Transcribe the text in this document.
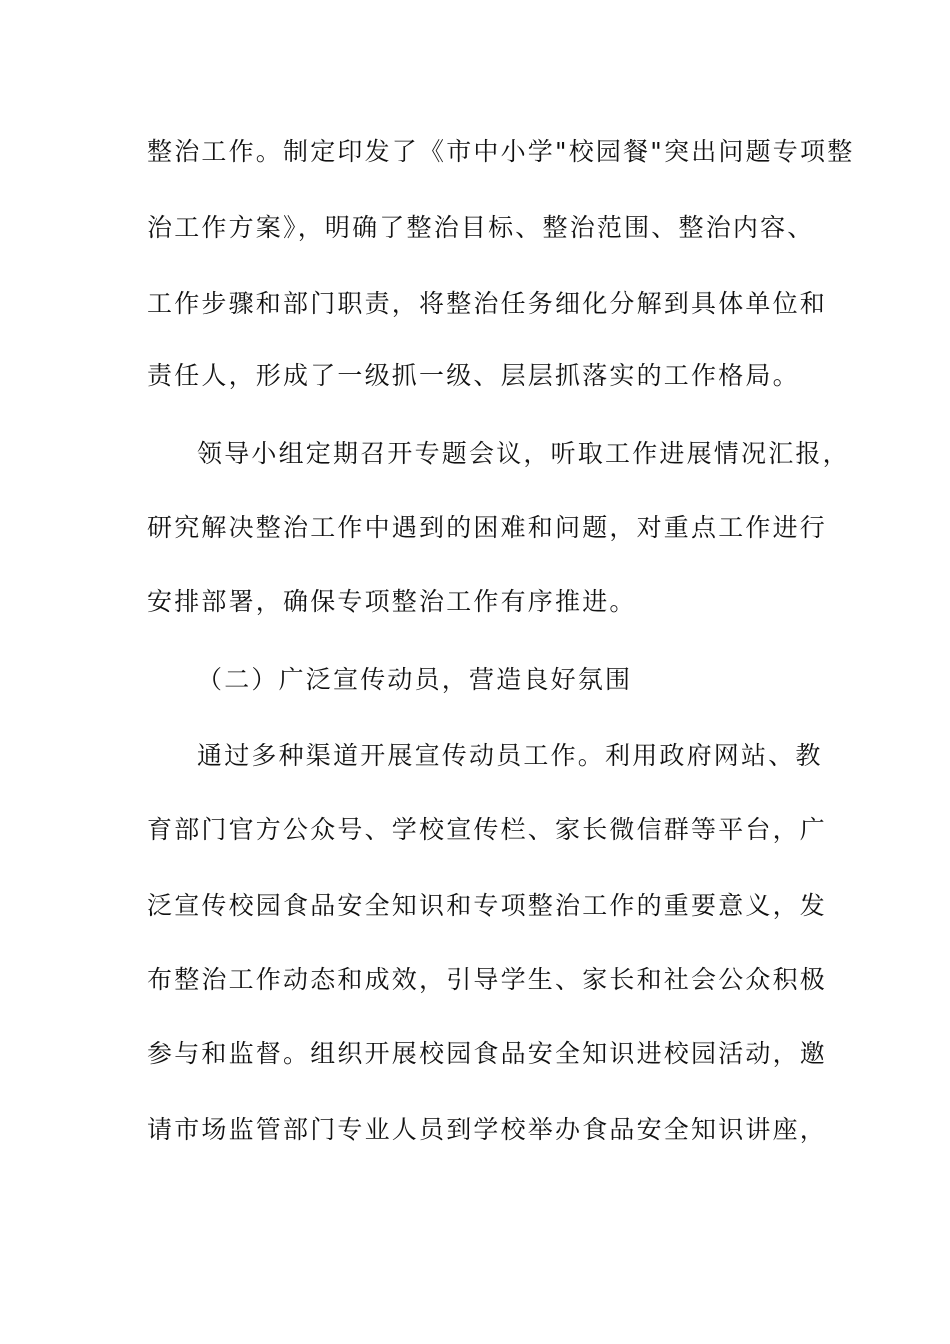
整治工作。制定印发了《市中小学"校园餐"突出问题专项整
治工作方案》，明确了整治目标、整治范围、整治内容、
工作步骤和部门职责，将整治任务细化分解到具体单位和
责任人，形成了一级抓一级、层层抓落实的工作格局。
领导小组定期召开专题会议，听取工作进展情况汇报，
研究解决整治工作中遇到的困难和问题，对重点工作进行
安排部署，确保专项整治工作有序推进。
（二）广泛宣传动员，营造良好氛围
通过多种渠道开展宣传动员工作。利用政府网站、教
育部门官方公众号、学校宣传栏、家长微信群等平台，广
泛宣传校园食品安全知识和专项整治工作的重要意义，发
布整治工作动态和成效，引导学生、家长和社会公众积极
参与和监督。组织开展校园食品安全知识进校园活动，邀
请市场监管部门专业人员到学校举办食品安全知识讲座，
